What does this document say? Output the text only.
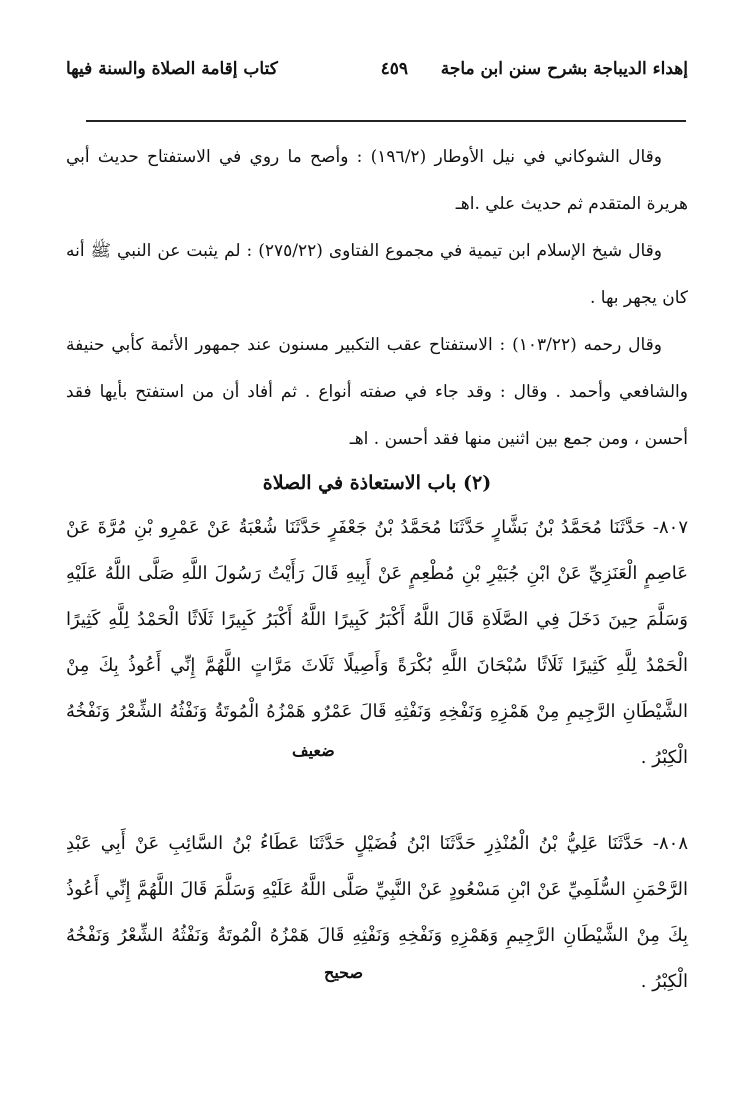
إهداء الديباجة بشرح سنن ابن ماجة
٤٥٩
كتاب إقامة الصلاة والسنة فيها

وقال الشوكاني في نيل الأوطار (١٩٦/٢) : وأصح ما روي في الاستفتاح حديث أبي هريرة المتقدم ثم حديث علي .اهـ

وقال شيخ الإسلام ابن تيمية في مجموع الفتاوى (٢٧٥/٢٢) : لم يثبت عن النبي ﷺ أنه كان يجهر بها .

وقال رحمه (١٠٣/٢٢) : الاستفتاح عقب التكبير مسنون عند جمهور الأئمة كأبي حنيفة والشافعي وأحمد . وقال : وقد جاء في صفته أنواع . ثم أفاد أن من استفتح بأيها فقد أحسن ، ومن جمع بين اثنين منها فقد أحسن . اهـ

(٢) باب الاستعاذة في الصلاة

٨٠٧- حَدَّثَنَا مُحَمَّدُ بْنُ بَشَّارٍ حَدَّثَنَا مُحَمَّدُ بْنُ جَعْفَرٍ حَدَّثَنَا شُعْبَةُ عَنْ عَمْرِو بْنِ مُرَّةَ عَنْ عَاصِمٍ الْعَنَزِيِّ عَنْ ابْنِ جُبَيْرِ بْنِ مُطْعِمٍ عَنْ أَبِيهِ قَالَ رَأَيْتُ رَسُولَ اللَّهِ صَلَّى اللَّهُ عَلَيْهِ وَسَلَّمَ حِينَ دَخَلَ فِي الصَّلَاةِ قَالَ اللَّهُ أَكْبَرُ كَبِيرًا اللَّهُ أَكْبَرُ كَبِيرًا ثَلَاثًا الْحَمْدُ لِلَّهِ كَثِيرًا الْحَمْدُ لِلَّهِ كَثِيرًا ثَلَاثًا سُبْحَانَ اللَّهِ بُكْرَةً وَأَصِيلًا ثَلَاثَ مَرَّاتٍ اللَّهُمَّ إِنِّي أَعُوذُ بِكَ مِنْ الشَّيْطَانِ الرَّجِيمِ مِنْ هَمْزِهِ وَنَفْخِهِ وَنَفْثِهِ قَالَ عَمْرٌو هَمْزُهُ الْمُوتَةُ وَنَفْثُهُ الشِّعْرُ وَنَفْخُهُ الْكِبْرُ .

ضعيف

٨٠٨- حَدَّثَنَا عَلِيُّ بْنُ الْمُنْذِرِ حَدَّثَنَا ابْنُ فُضَيْلٍ حَدَّثَنَا عَطَاءُ بْنُ السَّائِبِ عَنْ أَبِي عَبْدِ الرَّحْمَنِ السُّلَمِيِّ عَنْ ابْنِ مَسْعُودٍ عَنْ النَّبِيِّ صَلَّى اللَّهُ عَلَيْهِ وَسَلَّمَ قَالَ اللَّهُمَّ إِنِّي أَعُوذُ بِكَ مِنْ الشَّيْطَانِ الرَّجِيمِ وَهَمْزِهِ وَنَفْخِهِ وَنَفْثِهِ قَالَ هَمْزُهُ الْمُوتَةُ وَنَفْثُهُ الشِّعْرُ وَنَفْخُهُ الْكِبْرُ .

صحيح
